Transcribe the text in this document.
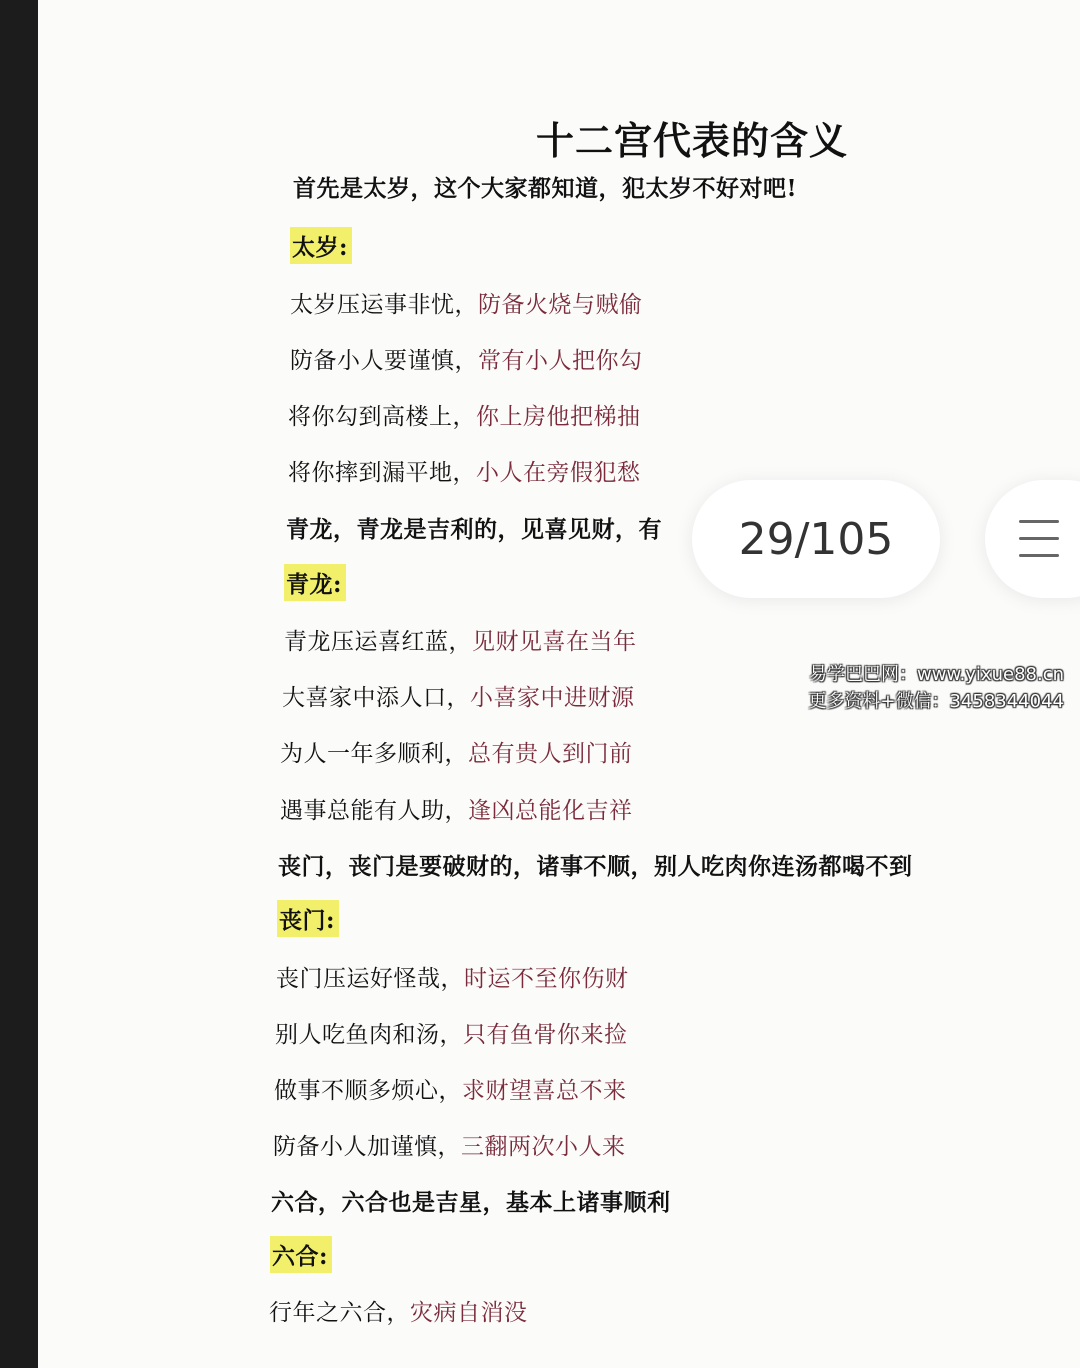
十二宫代表的含义
首先是太岁，这个大家都知道，犯太岁不好对吧!
太岁:
太岁压运事非忧，防备火烧与贼偷
防备小人要谨慎，常有小人把你勾
将你勾到高楼上，你上房他把梯抽
将你摔到漏平地，小人在旁假犯愁
青龙，青龙是吉利的，见喜见财，有
青龙:
青龙压运喜红蓝，见财见喜在当年
大喜家中添人口，小喜家中进财源
为人一年多顺利，总有贵人到门前
遇事总能有人助，逢凶总能化吉祥
丧门，丧门是要破财的，诸事不顺，别人吃肉你连汤都喝不到
丧门:
丧门压运好怪哉，时运不至你伤财
别人吃鱼肉和汤，只有鱼骨你来捡
做事不顺多烦心，求财望喜总不来
防备小人加谨慎，三翻两次小人来
六合，六合也是吉星，基本上诸事顺利
六合:
行年之六合，灾病自消没
29/105
易学巴巴网：www.yixue88.cn
更多资料+微信：3458344044
